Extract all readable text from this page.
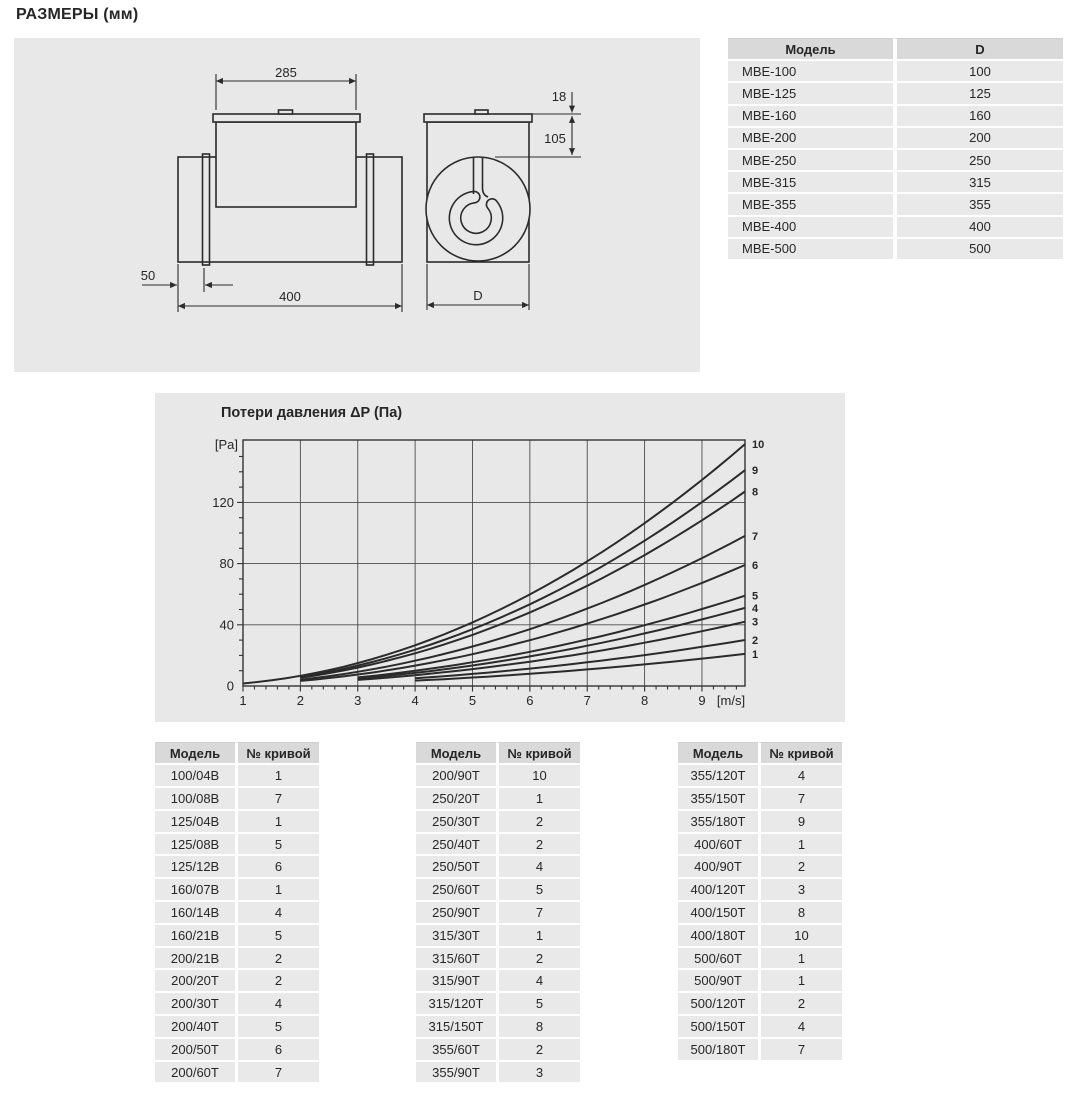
РАЗМЕРЫ (мм)
285
400
50
18
105
D
Модель	D
МВЕ-100	100
МВЕ-125	125
МВЕ-160	160
МВЕ-200	200
МВЕ-250	250
МВЕ-315	315
МВЕ-355	355
МВЕ-400	400
МВЕ-500	500
Потери давления ΔP (Па)
1	2	3	4	5	6	7	8	9
0
40
80
120
[Pa]
[m/s]
1
2
3
4
5
6
7
8
9
10
Модель	№ кривой
100/04В	1
100/08В	7
125/04В	1
125/08В	5
125/12В	6
160/07В	1
160/14В	4
160/21В	5
200/21В	2
200/20Т	2
200/30Т	4
200/40Т	5
200/50Т	6
200/60Т	7
Модель	№ кривой
200/90Т	10
250/20Т	1
250/30Т	2
250/40Т	2
250/50Т	4
250/60Т	5
250/90Т	7
315/30Т	1
315/60Т	2
315/90Т	4
315/120Т	5
315/150Т	8
355/60Т	2
355/90Т	3
Модель	№ кривой
355/120Т	4
355/150Т	7
355/180Т	9
400/60Т	1
400/90Т	2
400/120Т	3
400/150Т	8
400/180Т	10
500/60Т	1
500/90Т	1
500/120Т	2
500/150Т	4
500/180Т	7
